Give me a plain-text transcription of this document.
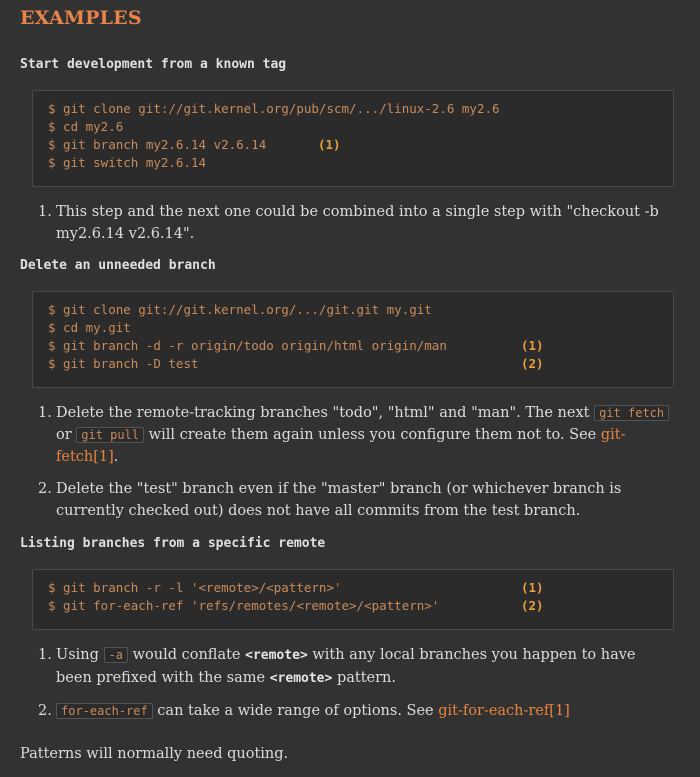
EXAMPLES
Start development from a known tag
$ git clone git://git.kernel.org/pub/scm/.../linux-2.6 my2.6
$ cd my2.6
$ git branch my2.6.14 v2.6.14	(1)
$ git switch my2.6.14
1. This step and the next one could be combined into a single step with "checkout -b my2.6.14 v2.6.14".
Delete an unneeded branch
$ git clone git://git.kernel.org/.../git.git my.git
$ cd my.git
$ git branch -d -r origin/todo origin/html origin/man	(1)
$ git branch -D test	(2)
1. Delete the remote-tracking branches "todo", "html" and "man". The next git fetch or git pull will create them again unless you configure them not to. See git-fetch[1].
2. Delete the "test" branch even if the "master" branch (or whichever branch is currently checked out) does not have all commits from the test branch.
Listing branches from a specific remote
$ git branch -r -l '<remote>/<pattern>'	(1)
$ git for-each-ref 'refs/remotes/<remote>/<pattern>'	(2)
1. Using -a would conflate <remote> with any local branches you happen to have been prefixed with the same <remote> pattern.
2. for-each-ref can take a wide range of options. See git-for-each-ref[1]

Patterns will normally need quoting.
